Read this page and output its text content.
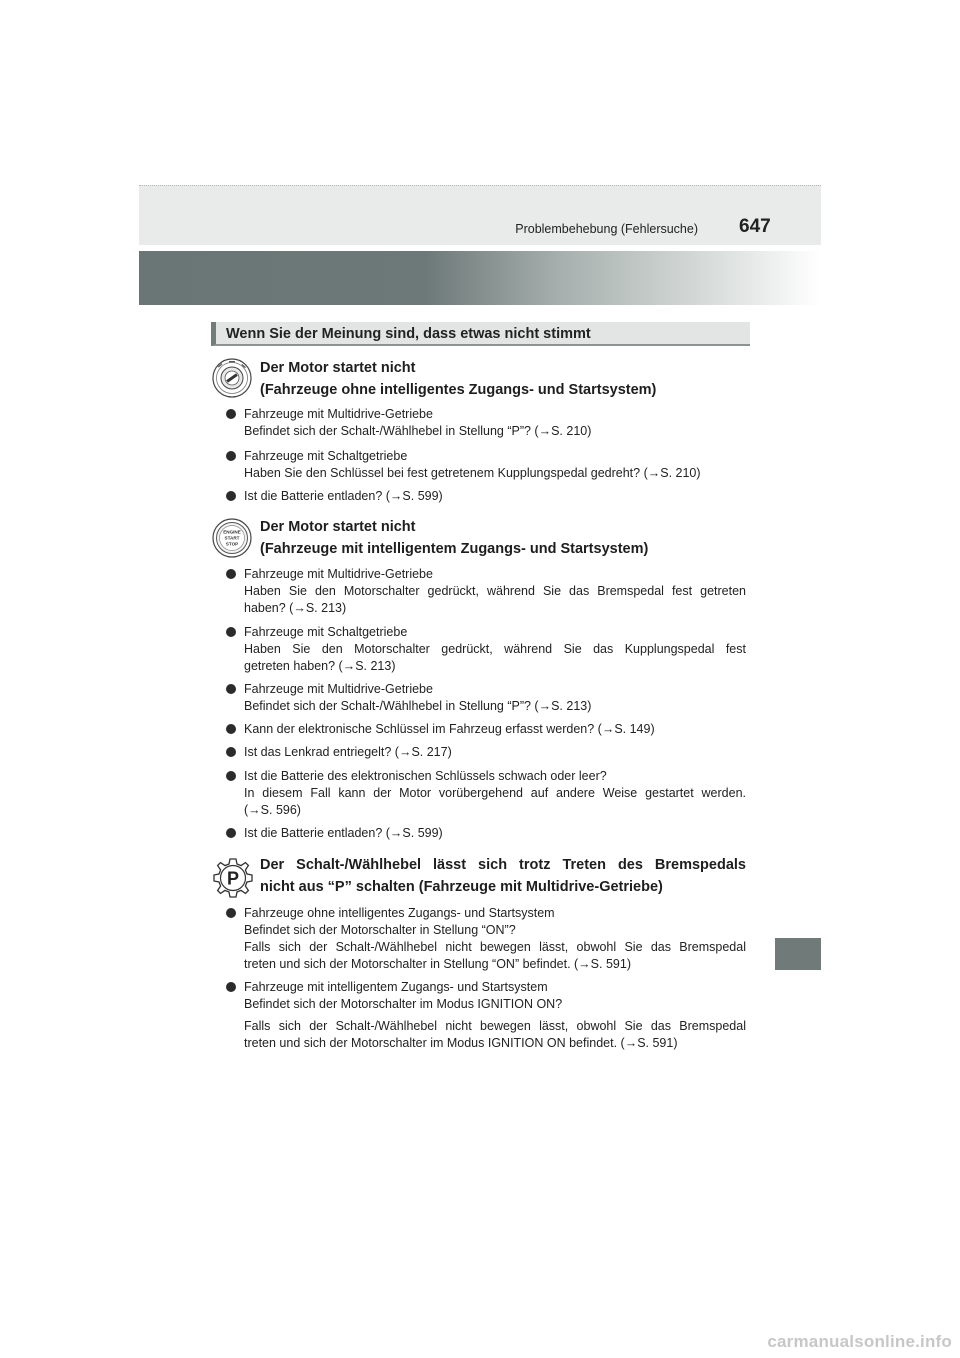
647
Problembehebung (Fehlersuche)
Wenn Sie der Meinung sind, dass etwas nicht stimmt
Der Motor startet nicht
(Fahrzeuge ohne intelligentes Zugangs- und Startsystem)
Fahrzeuge mit Multidrive-Getriebe
Befindet sich der Schalt-/Wählhebel in Stellung “P”? (→S. 210)
Fahrzeuge mit Schaltgetriebe
Haben Sie den Schlüssel bei fest getretenem Kupplungspedal gedreht? (→S. 210)
Ist die Batterie entladen? (→S. 599)
ENGINE
START
STOP
Der Motor startet nicht
(Fahrzeuge mit intelligentem Zugangs- und Startsystem)
Fahrzeuge mit Multidrive-Getriebe
Haben Sie den Motorschalter gedrückt, während Sie das Bremspedal fest getreten
haben? (→S. 213)
Fahrzeuge mit Schaltgetriebe
Haben Sie den Motorschalter gedrückt, während Sie das Kupplungspedal fest
getreten haben? (→S. 213)
Fahrzeuge mit Multidrive-Getriebe
Befindet sich der Schalt-/Wählhebel in Stellung “P”? (→S. 213)
Kann der elektronische Schlüssel im Fahrzeug erfasst werden? (→S. 149)
Ist das Lenkrad entriegelt? (→S. 217)
Ist die Batterie des elektronischen Schlüssels schwach oder leer?
In diesem Fall kann der Motor vorübergehend auf andere Weise gestartet werden.
(→S. 596)
Ist die Batterie entladen? (→S. 599)
P
Der Schalt-/Wählhebel lässt sich trotz Treten des Bremspedals
nicht aus “P” schalten (Fahrzeuge mit Multidrive-Getriebe)
Fahrzeuge ohne intelligentes Zugangs- und Startsystem
Befindet sich der Motorschalter in Stellung “ON”?
Falls sich der Schalt-/Wählhebel nicht bewegen lässt, obwohl Sie das Bremspedal
treten und sich der Motorschalter in Stellung “ON” befindet. (→S. 591)
Fahrzeuge mit intelligentem Zugangs- und Startsystem
Befindet sich der Motorschalter im Modus IGNITION ON?
Falls sich der Schalt-/Wählhebel nicht bewegen lässt, obwohl Sie das Bremspedal
treten und sich der Motorschalter im Modus IGNITION ON befindet. (→S. 591)
carmanualsonline.info
